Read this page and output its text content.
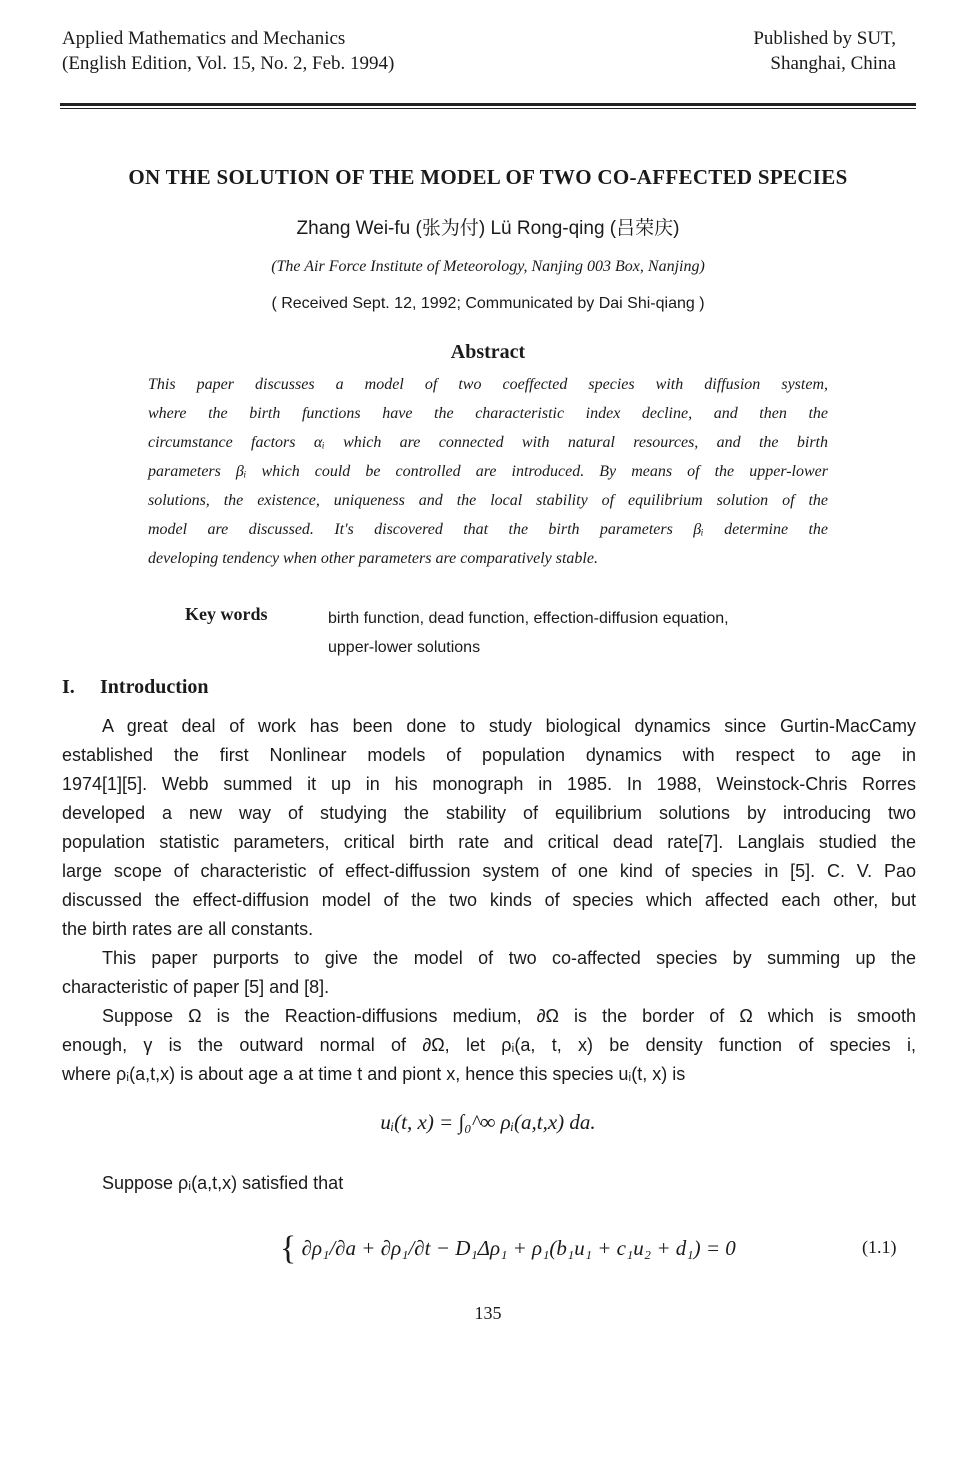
Applied Mathematics and Mechanics
(English Edition, Vol. 15, No. 2, Feb. 1994)
Published by SUT,
Shanghai, China
ON THE SOLUTION OF THE MODEL OF TWO CO-AFFECTED SPECIES
Zhang Wei-fu (张为付) Lü Rong-qing (吕荣庆)
(The Air Force Institute of Meteorology, Nanjing 003 Box, Nanjing)
( Received Sept. 12, 1992; Communicated by Dai Shi-qiang )
Abstract
This paper discusses a model of two coeffected species with diffusion system,
where the birth functions have the characteristic index decline, and then the
circumstance factors αᵢ which are connected with natural resources, and the birth
parameters βᵢ which could be controlled are introduced. By means of the upper-lower
solutions, the existence, uniqueness and the local stability of equilibrium solution of the
model are discussed. It's discovered that the birth parameters βᵢ determine the
developing tendency when other parameters are comparatively stable.
Key words	birth function, dead function, effection-diffusion equation,
upper-lower solutions
I. Introduction
A great deal of work has been done to study biological dynamics since Gurtin-MacCamy
established the first Nonlinear models of population dynamics with respect to age in
1974[1][5]. Webb summed it up in his monograph in 1985. In 1988, Weinstock-Chris Rorres
developed a new way of studying the stability of equilibrium solutions by introducing two
population statistic parameters, critical birth rate and critical dead rate[7]. Langlais studied the
large scope of characteristic of effect-diffussion system of one kind of species in [5]. C. V. Pao
discussed the effect-diffusion model of the two kinds of species which affected each other, but
the birth rates are all constants.
This paper purports to give the model of two co-affected species by summing up the
characteristic of paper [5] and [8].
Suppose Ω is the Reaction-diffusions medium, ∂Ω is the border of Ω which is smooth
enough, γ is the outward normal of ∂Ω, let ρᵢ(a, t, x) be density function of species i,
where ρᵢ(a,t,x) is about age a at time t and piont x, hence this species uᵢ(t, x) is
uᵢ(t, x) = ∫₀^∞ ρᵢ(a,t,x) da.
Suppose ρᵢ(a,t,x) satisfied that
{ ∂ρ₁/∂a + ∂ρ₁/∂t − D₁Δρ₁ + ρ₁(b₁u₁ + c₁u₂ + d₁) = 0	(1.1)
135
